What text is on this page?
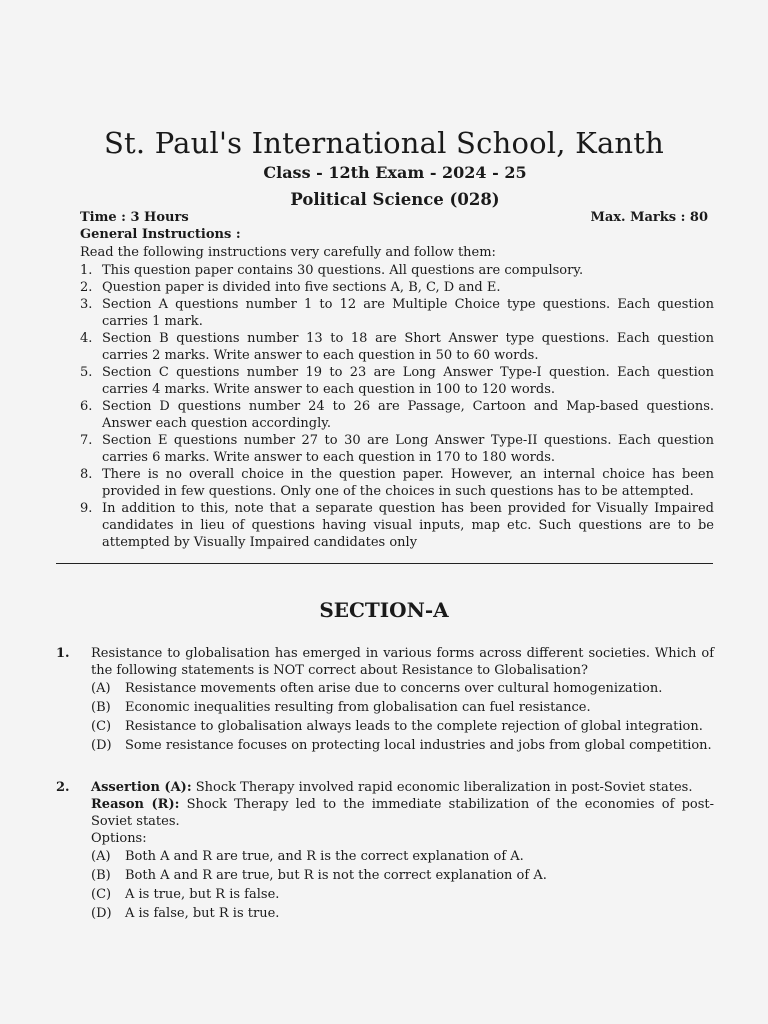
St. Paul's International School, Kanth
Class - 12th Exam - 2024 - 25
Political Science (028)
Time : 3 Hours	Max. Marks : 80
General Instructions :
Read the following instructions very carefully and follow them:
1. This question paper contains 30 questions. All questions are compulsory.
2. Question paper is divided into five sections A, B, C, D and E.
3. Section A questions number 1 to 12 are Multiple Choice type questions. Each question carries 1 mark.
4. Section B questions number 13 to 18 are Short Answer type questions. Each question carries 2 marks. Write answer to each question in 50 to 60 words.
5. Section C questions number 19 to 23 are Long Answer Type-I question. Each question carries 4 marks. Write answer to each question in 100 to 120 words.
6. Section D questions number 24 to 26 are Passage, Cartoon and Map-based questions. Answer each question accordingly.
7. Section E questions number 27 to 30 are Long Answer Type-II questions. Each question carries 6 marks. Write answer to each question in 170 to 180 words.
8. There is no overall choice in the question paper. However, an internal choice has been provided in few questions. Only one of the choices in such questions has to be attempted.
9. In addition to this, note that a separate question has been provided for Visually Impaired candidates in lieu of questions having visual inputs, map etc. Such questions are to be attempted by Visually Impaired candidates only
SECTION-A
1. Resistance to globalisation has emerged in various forms across different societies. Which of the following statements is NOT correct about Resistance to Globalisation?
(A) Resistance movements often arise due to concerns over cultural homogenization.
(B) Economic inequalities resulting from globalisation can fuel resistance.
(C) Resistance to globalisation always leads to the complete rejection of global integration.
(D) Some resistance focuses on protecting local industries and jobs from global competition.
2. Assertion (A): Shock Therapy involved rapid economic liberalization in post-Soviet states.
Reason (R): Shock Therapy led to the immediate stabilization of the economies of post-Soviet states.
Options:
(A) Both A and R are true, and R is the correct explanation of A.
(B) Both A and R are true, but R is not the correct explanation of A.
(C) A is true, but R is false.
(D) A is false, but R is true.
